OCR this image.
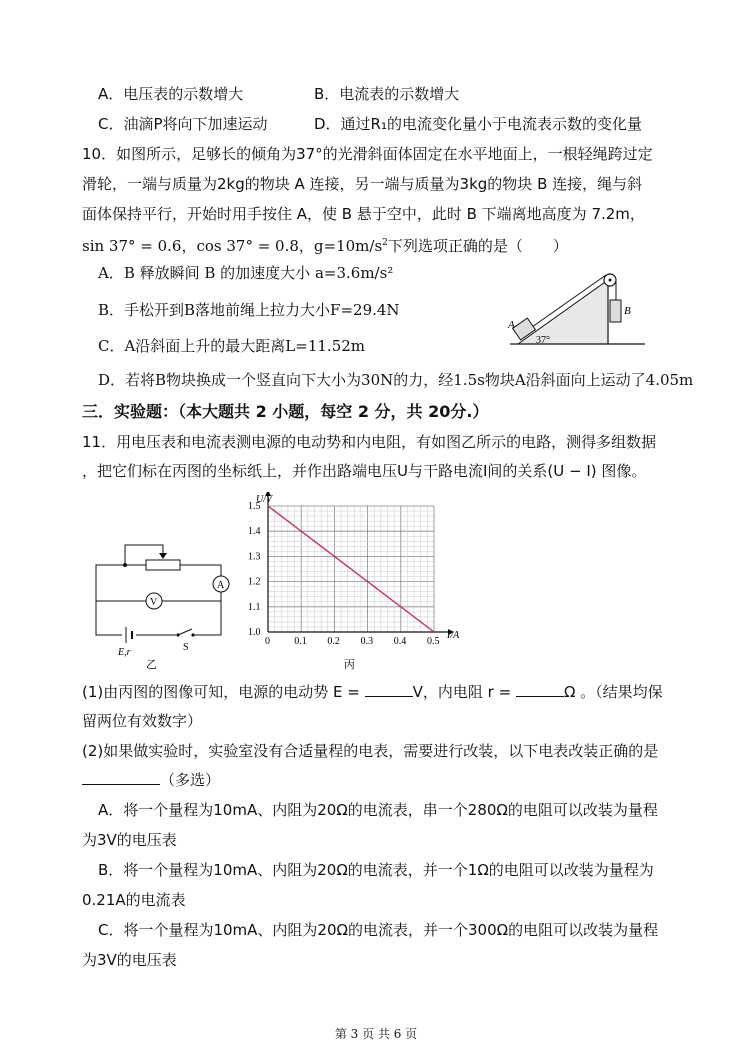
A．电压表的示数增大	B．电流表的示数增大
C．油滴P将向下加速运动	D．通过R₁的电流变化量小于电流表示数的变化量
10．如图所示，足够长的倾角为37°的光滑斜面体固定在水平地面上，一根轻绳跨过定
滑轮，一端与质量为2kg的物块 A 连接，另一端与质量为3kg的物块 B 连接，绳与斜
面体保持平行，开始时用手按住 A，使 B 悬于空中，此时 B 下端离地高度为 7.2m，
sin 37° = 0.6，cos 37° = 0.8，$g=10m/s^2$下列选项正确的是（　　）
A．B 释放瞬间 B 的加速度大小 a=3.6m/s²
B．手松开到B落地前绳上拉力大小F=29.4N
C．A沿斜面上升的最大距离L=11.52m
D．若将B物块换成一个竖直向下大小为30N的力，经1.5s物块A沿斜面向上运动了4.05m
A
B
37°
三．实验题：（本大题共 2 小题，每空 2 分，共 20分.）
11．用电压表和电流表测电源的电动势和内电阻，有如图乙所示的电路，测得多组数据
，把它们标在丙图的坐标纸上，并作出路端电压U与干路电流I间的关系(U − I) 图像。
A
V
E,r	S
乙
0 0.1 0.2 0.3 0.4 0.5
1.0
1.1
1.2
1.3
1.4
1.5
U/V
I/A
丙
(1)由丙图的图像可知，电源的电动势 E =	V，内电阻 r =	Ω 。（结果均保
留两位有效数字）
(2)如果做实验时，实验室没有合适量程的电表，需要进行改装，以下电表改装正确的是
（多选）
A．将一个量程为10mA、内阻为20Ω的电流表，串一个280Ω的电阻可以改装为量程
为3V的电压表
B．将一个量程为10mA、内阻为20Ω的电流表，并一个1Ω的电阻可以改装为量程为
0.21A的电流表
C．将一个量程为10mA、内阻为20Ω的电流表，并一个300Ω的电阻可以改装为量程
为3V的电压表
第 3 页 共 6 页
